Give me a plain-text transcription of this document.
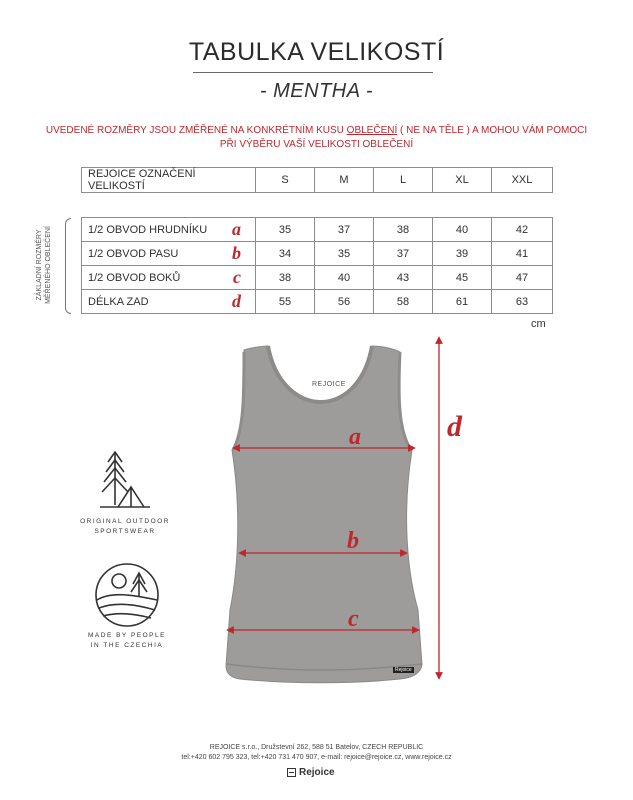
TABULKA VELIKOSTÍ
- MENTHA -
UVEDENÉ ROZMĚRY JSOU ZMĚŘENÉ NA KONKRÉTNÍM KUSU OBLEČENÍ ( NE NA TĚLE ) A MOHOU VÁM POMOCI
PŘI VÝBĚRU VAŠÍ VELIKOSTI OBLEČENÍ
REJOICE OZNAČENÍ VELIKOSTÍ	S	M	L	XL	XXL
ZÁKLADNÍ ROZMĚRY MĚŘENÉHO OBLEČENÍ	1/2 OBVOD HRUDNÍKU a	35	37	38	40	42
1/2 OBVOD PASU b	34	35	37	39	41
1/2 OBVOD BOKŮ c	38	40	43	45	47
DÉLKA ZAD d	55	56	58	61	63
cm
REJOICE
Rejoice
a
b
c
d
ORIGINAL OUTDOOR
SPORTSWEAR
MADE BY PEOPLE
IN THE CZECHIA
REJOICE s.r.o., Družstevní 262, 588 51 Batelov, CZECH REPUBLIC
tel:+420 602 795 323, tel:+420 731 470 907, e-mail: rejoice@rejoice.cz, www.rejoice.cz
Rejoice
